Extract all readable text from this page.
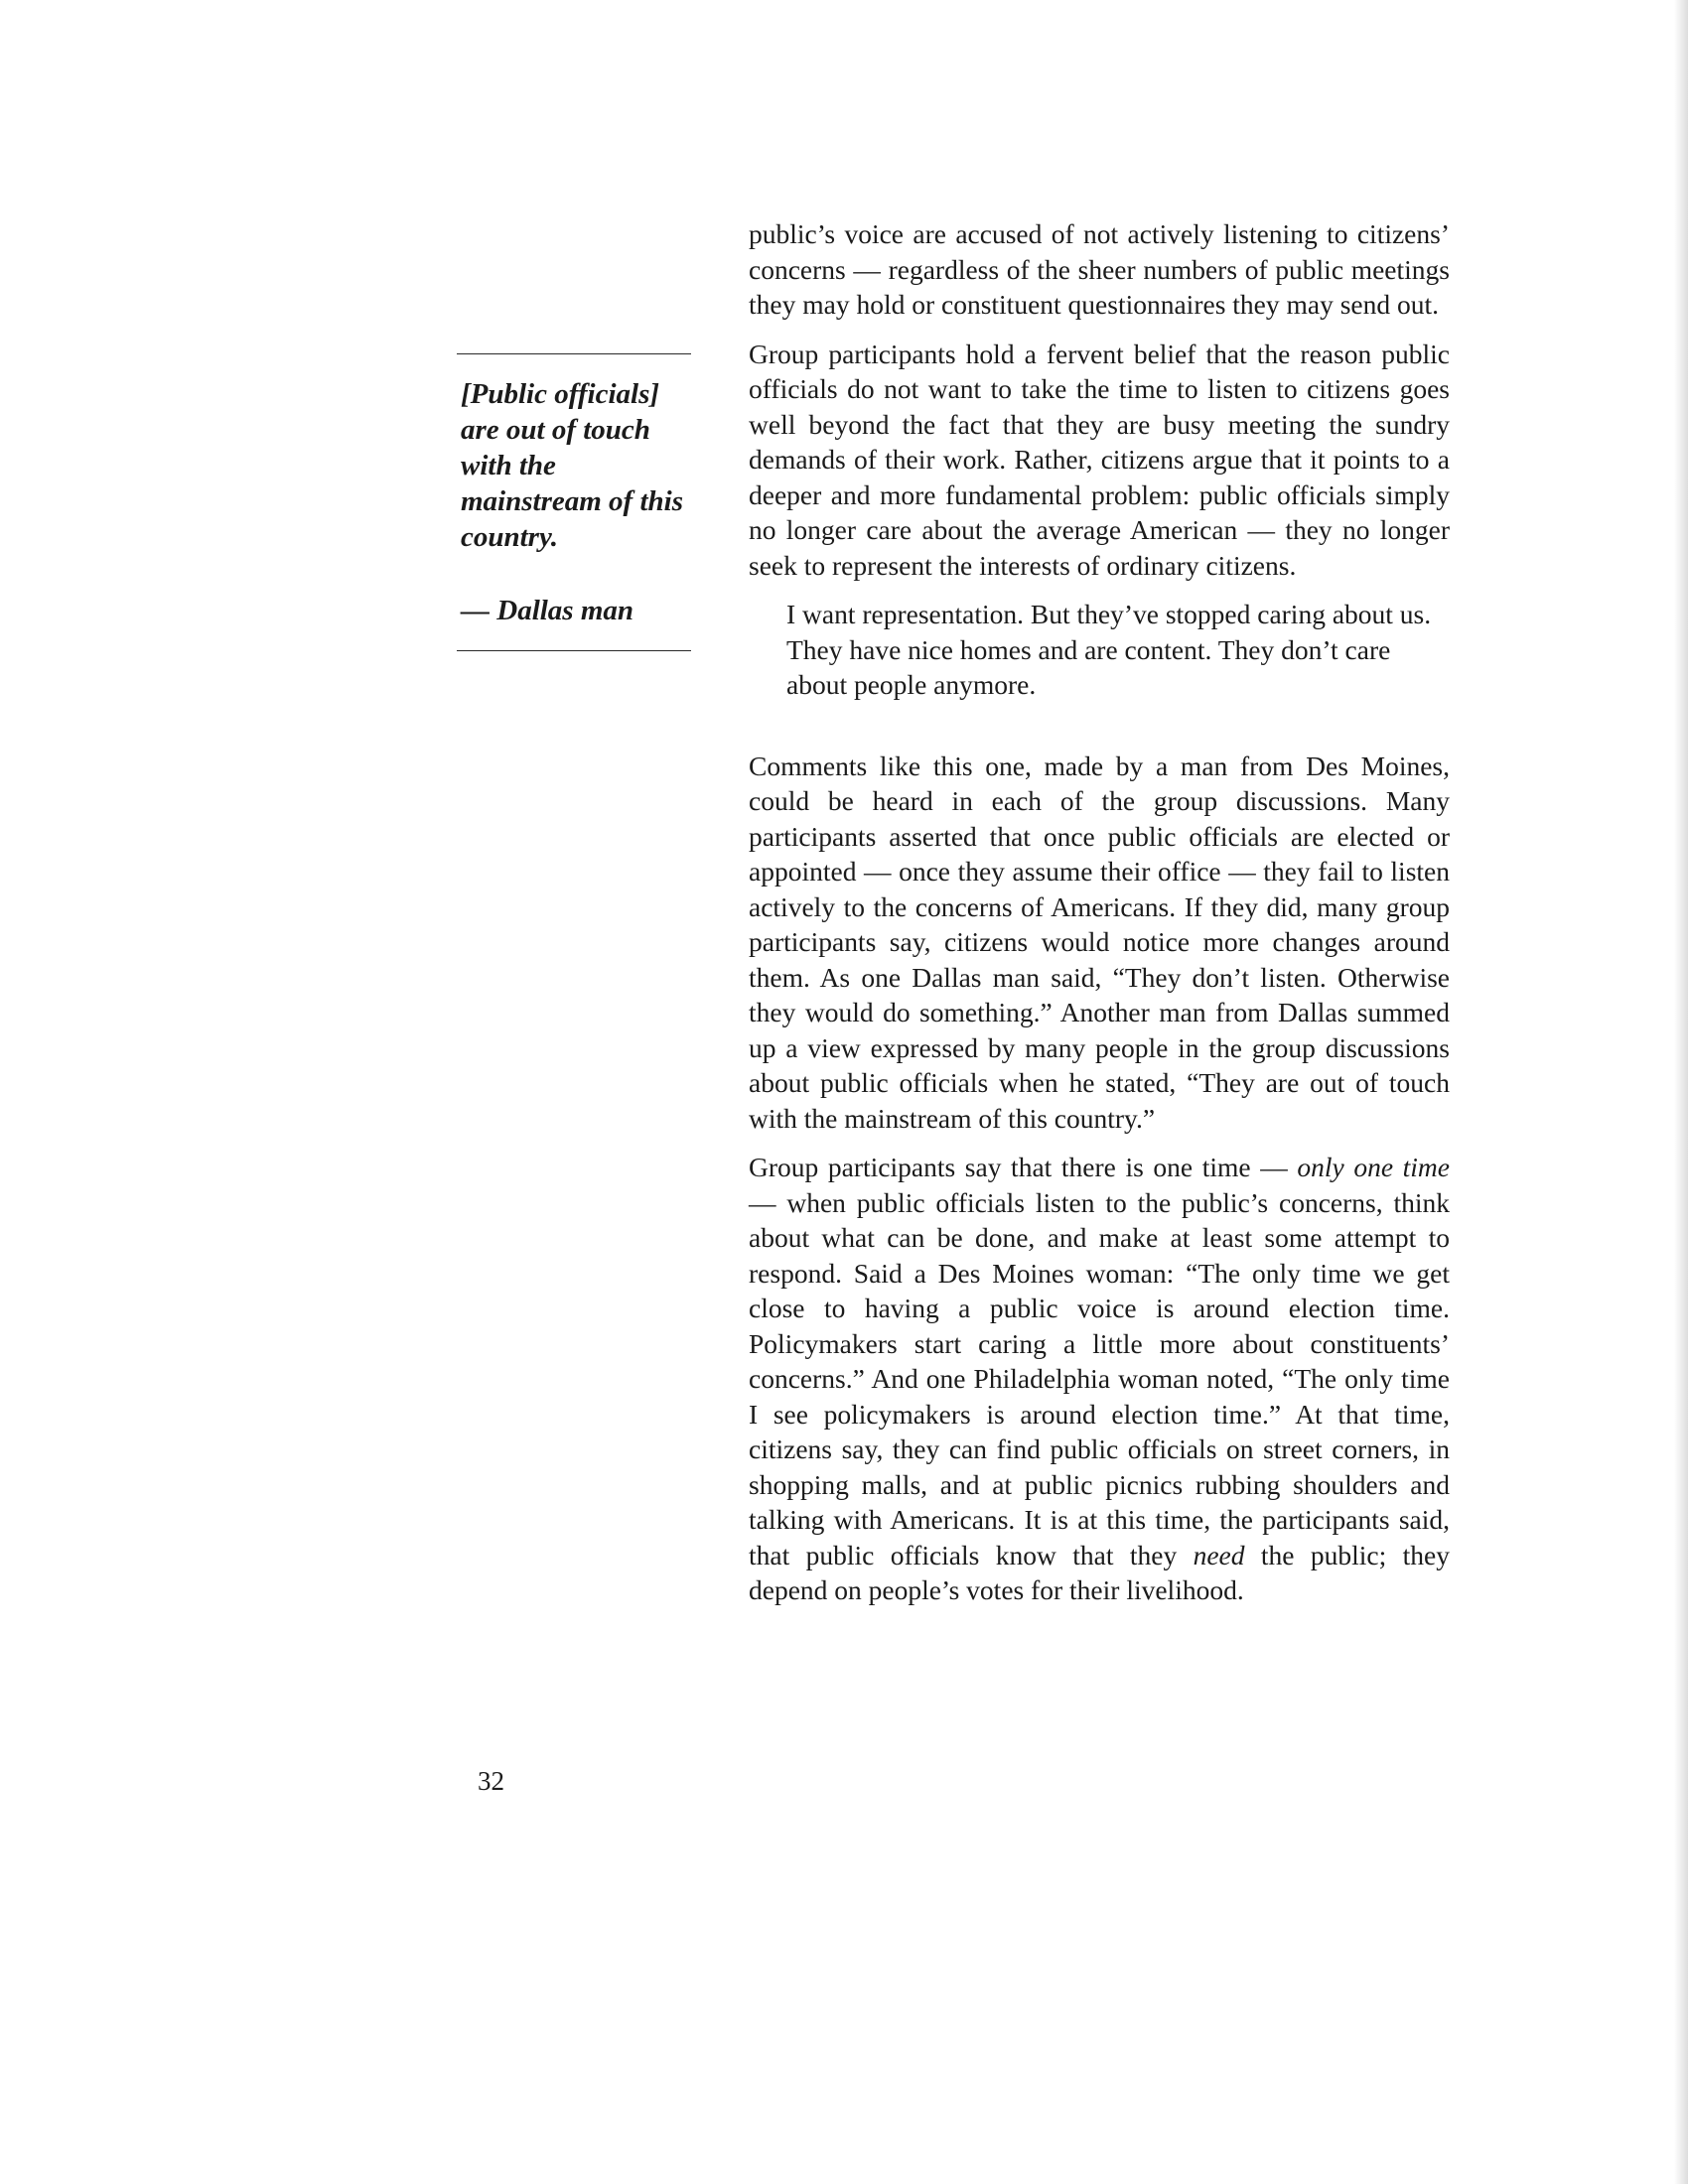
[Public officials] are out of touch with the mainstream of this country.
— Dallas man

public’s voice are accused of not actively listening to citizens’ concerns — regardless of the sheer numbers of public meetings they may hold or constituent questionnaires they may send out.

Group participants hold a fervent belief that the reason public officials do not want to take the time to listen to citizens goes well beyond the fact that they are busy meeting the sundry demands of their work. Rather, citizens argue that it points to a deeper and more fundamental problem: public officials simply no longer care about the average American — they no longer seek to represent the interests of ordinary citizens.

I want representation. But they’ve stopped caring about us. They have nice homes and are content. They don’t care about people anymore.

Comments like this one, made by a man from Des Moines, could be heard in each of the group discussions. Many participants asserted that once public officials are elected or appointed — once they assume their office — they fail to listen actively to the concerns of Americans. If they did, many group participants say, citizens would notice more changes around them. As one Dallas man said, “They don’t listen. Otherwise they would do something.” Another man from Dallas summed up a view expressed by many people in the group discussions about public officials when he stated, “They are out of touch with the mainstream of this country.”

Group participants say that there is one time — only one time — when public officials listen to the public’s concerns, think about what can be done, and make at least some attempt to respond. Said a Des Moines woman: “The only time we get close to having a public voice is around election time. Policymakers start caring a little more about constituents’ concerns.” And one Philadelphia woman noted, “The only time I see policymakers is around election time.” At that time, citizens say, they can find public officials on street corners, in shopping malls, and at public picnics rubbing shoulders and talking with Americans. It is at this time, the participants said, that public officials know that they need the public; they depend on people’s votes for their livelihood.

32
